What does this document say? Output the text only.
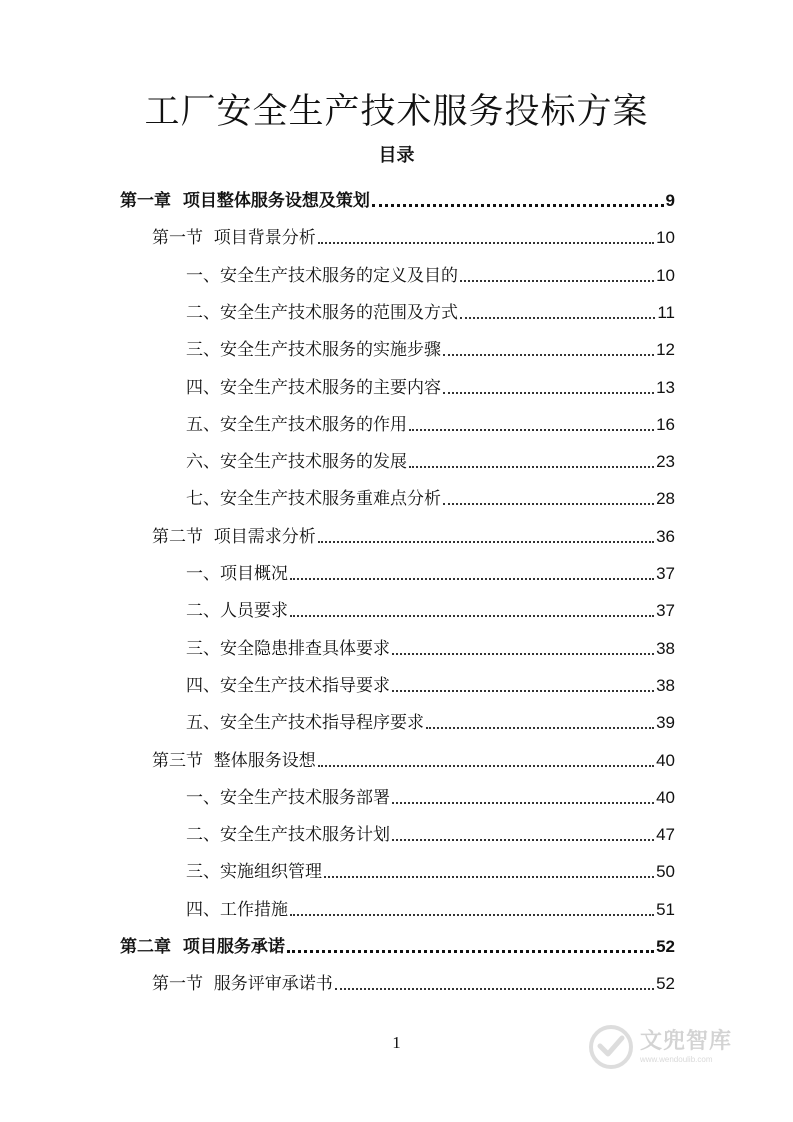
工厂安全生产技术服务投标方案
目录
第一章  项目整体服务设想及策划	9
第一节  项目背景分析	10
一、安全生产技术服务的定义及目的	10
二、安全生产技术服务的范围及方式	11
三、安全生产技术服务的实施步骤	12
四、安全生产技术服务的主要内容	13
五、安全生产技术服务的作用	16
六、安全生产技术服务的发展	23
七、安全生产技术服务重难点分析	28
第二节  项目需求分析	36
一、项目概况	37
二、人员要求	37
三、安全隐患排查具体要求	38
四、安全生产技术指导要求	38
五、安全生产技术指导程序要求	39
第三节  整体服务设想	40
一、安全生产技术服务部署	40
二、安全生产技术服务计划	47
三、实施组织管理	50
四、工作措施	51
第二章  项目服务承诺	52
第一节  服务评审承诺书	52
1	文兜智库
www.wendoulib.com
